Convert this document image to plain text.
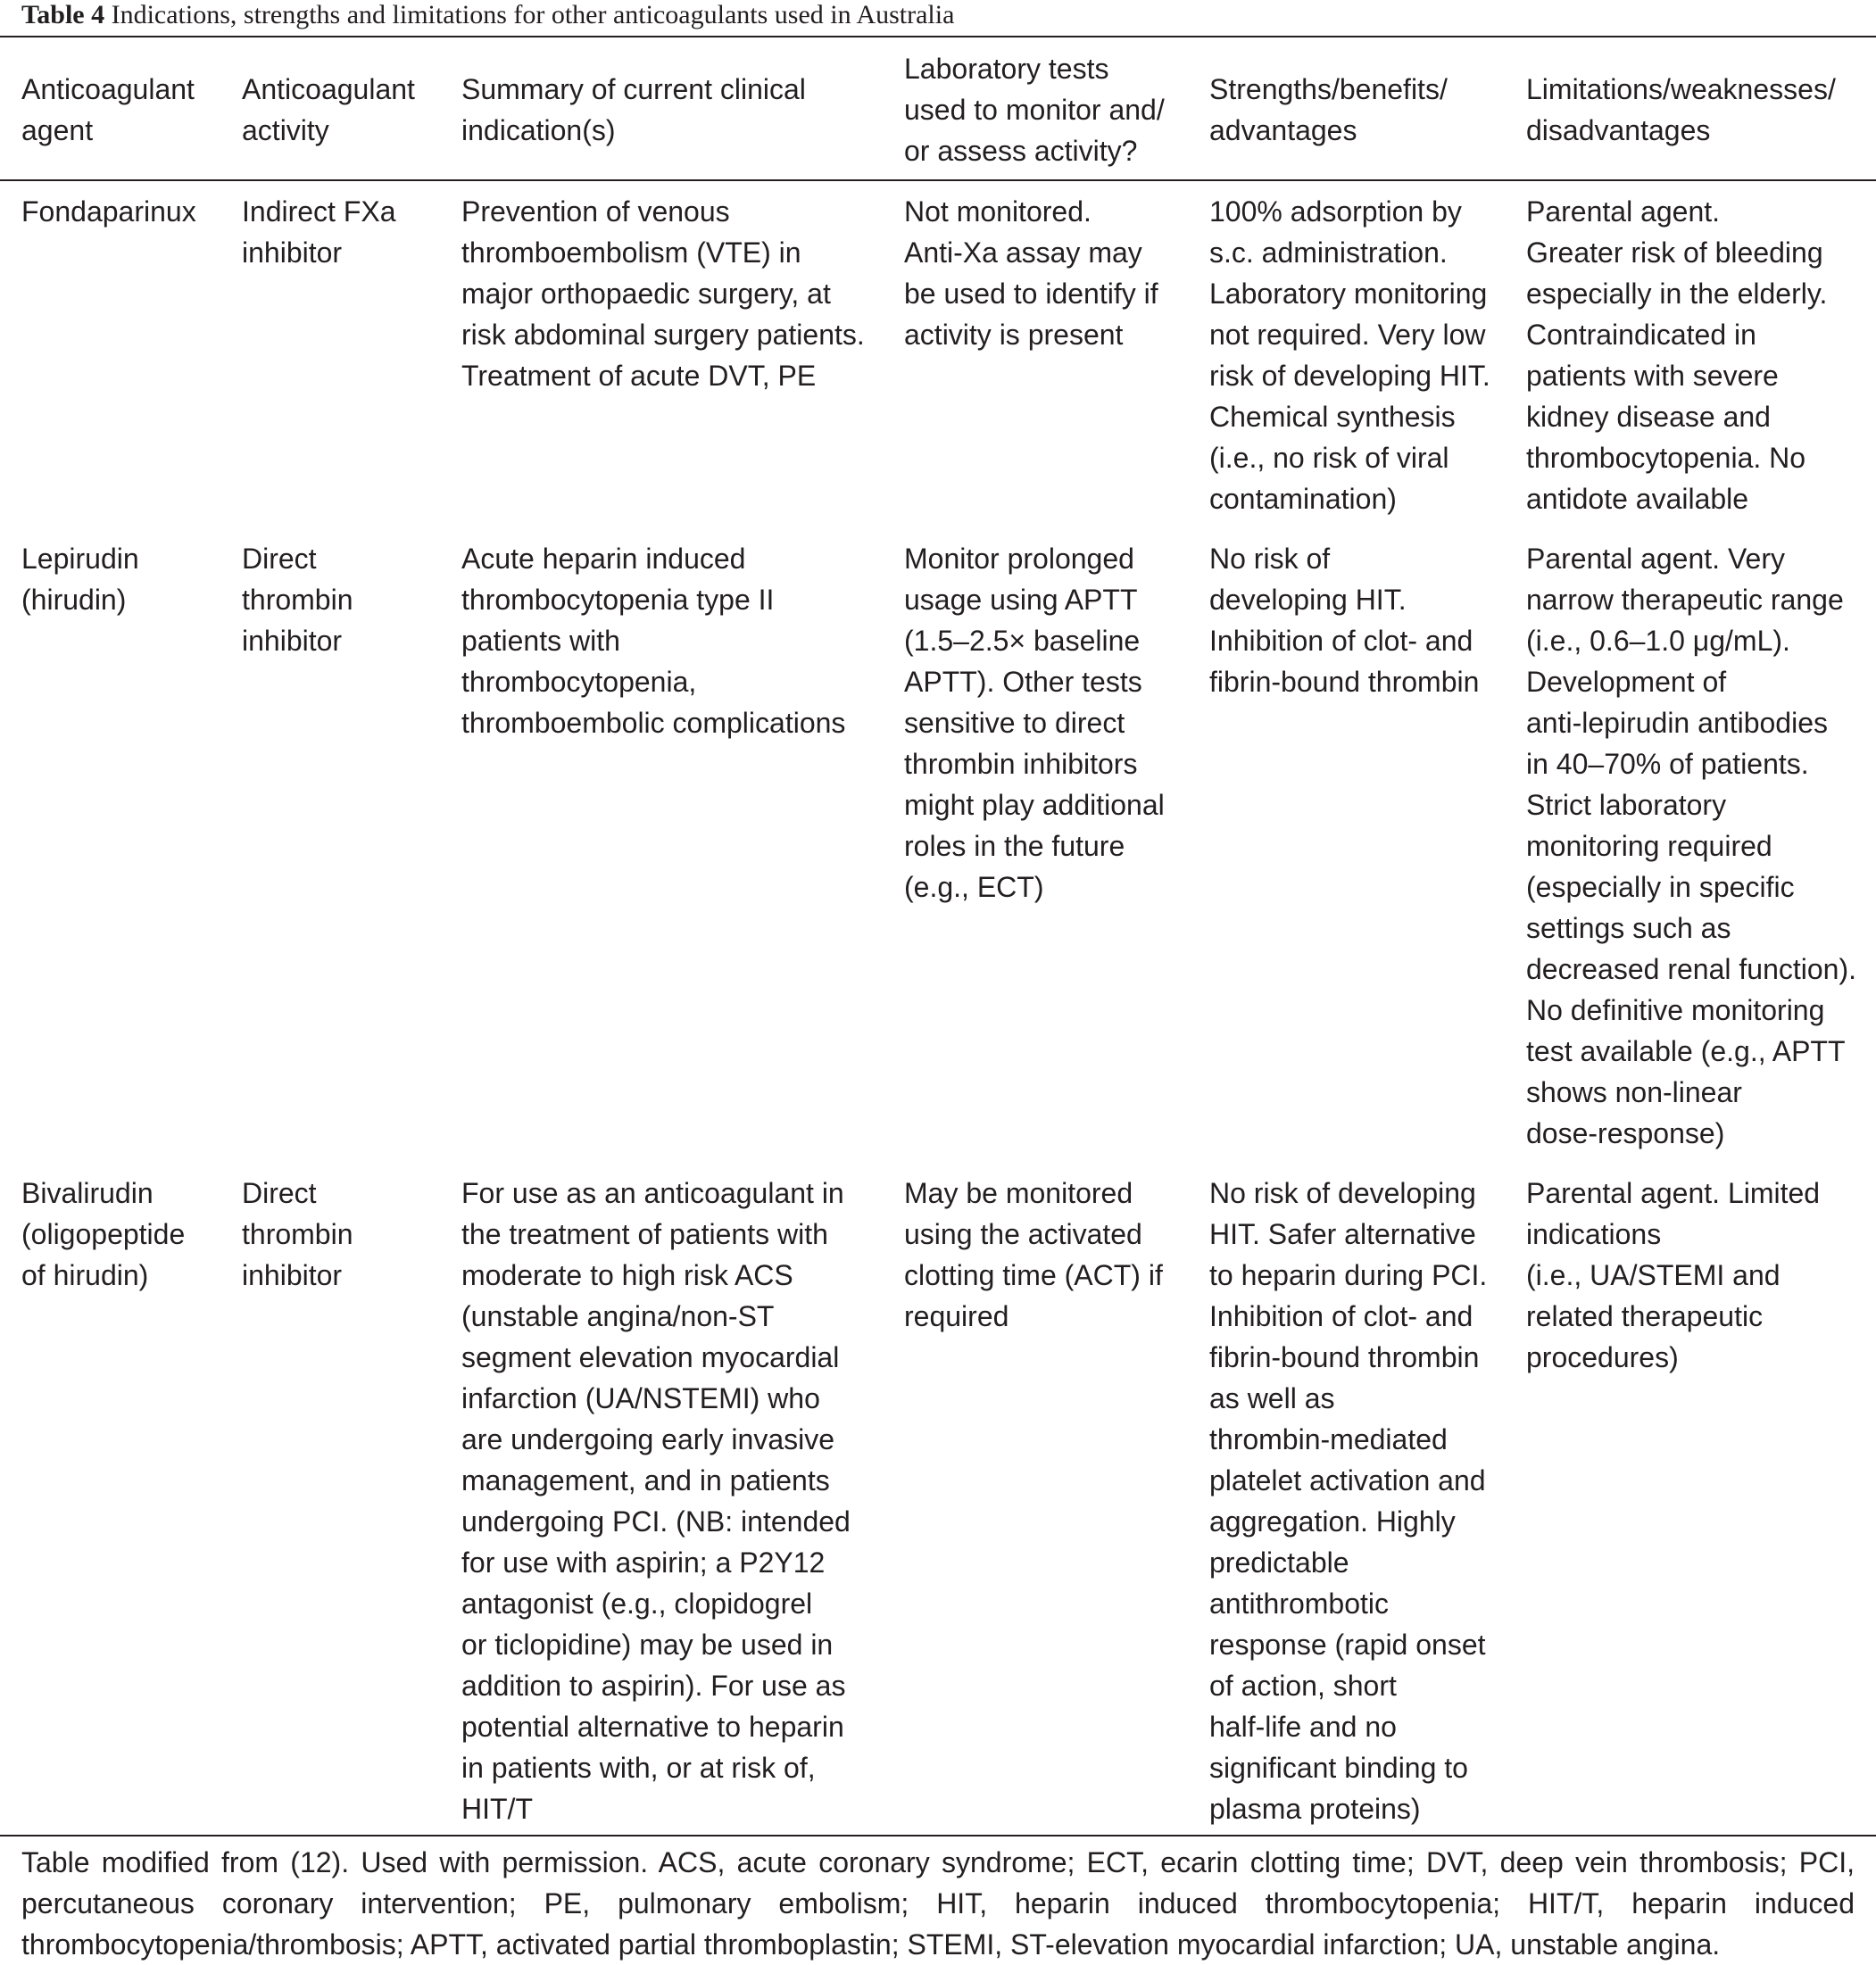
Table 4 Indications, strengths and limitations for other anticoagulants used in Australia
Anticoagulant
agent
Anticoagulant
activity
Summary of current clinical
indication(s)
Laboratory tests
used to monitor and/
or assess activity?
Strengths/benefits/
advantages
Limitations/weaknesses/
disadvantages
Fondaparinux	Indirect FXa
inhibitor
Prevention of venous
thromboembolism (VTE) in
major orthopaedic surgery, at
risk abdominal surgery patients.
Treatment of acute DVT, PE
Not monitored.
Anti-Xa assay may
be used to identify if
activity is present
100% adsorption by
s.c. administration.
Laboratory monitoring
not required. Very low
risk of developing HIT.
Chemical synthesis
(i.e., no risk of viral
contamination)
Parental agent.
Greater risk of bleeding
especially in the elderly.
Contraindicated in
patients with severe
kidney disease and
thrombocytopenia. No
antidote available
Lepirudin
(hirudin)
Direct
thrombin
inhibitor
Acute heparin induced
thrombocytopenia type II
patients with
thrombocytopenia,
thromboembolic complications
Monitor prolonged
usage using APTT
(1.5–2.5× baseline
APTT). Other tests
sensitive to direct
thrombin inhibitors
might play additional
roles in the future
(e.g., ECT)
No risk of
developing HIT.
Inhibition of clot- and
fibrin-bound thrombin
Parental agent. Very
narrow therapeutic range
(i.e., 0.6–1.0 μg/mL).
Development of
anti-lepirudin antibodies
in 40–70% of patients.
Strict laboratory
monitoring required
(especially in specific
settings such as
decreased renal function).
No definitive monitoring
test available (e.g., APTT
shows non-linear
dose-response)
Bivalirudin
(oligopeptide
of hirudin)
Direct
thrombin
inhibitor
For use as an anticoagulant in
the treatment of patients with
moderate to high risk ACS
(unstable angina/non-ST
segment elevation myocardial
infarction (UA/NSTEMI) who
are undergoing early invasive
management, and in patients
undergoing PCI. (NB: intended
for use with aspirin; a P2Y12
antagonist (e.g., clopidogrel
or ticlopidine) may be used in
addition to aspirin). For use as
potential alternative to heparin
in patients with, or at risk of,
HIT/T
May be monitored
using the activated
clotting time (ACT) if
required
No risk of developing
HIT. Safer alternative
to heparin during PCI.
Inhibition of clot- and
fibrin-bound thrombin
as well as
thrombin-mediated
platelet activation and
aggregation. Highly
predictable
antithrombotic
response (rapid onset
of action, short
half-life and no
significant binding to
plasma proteins)
Parental agent. Limited
indications
(i.e., UA/STEMI and
related therapeutic
procedures)
Table modified from (12). Used with permission. ACS, acute coronary syndrome; ECT, ecarin clotting time; DVT, deep vein thrombosis; PCI, percutaneous coronary intervention; PE, pulmonary embolism; HIT, heparin induced thrombocytopenia; HIT/T, heparin induced thrombocytopenia/thrombosis; APTT, activated partial thromboplastin; STEMI, ST-elevation myocardial infarction; UA, unstable angina.
